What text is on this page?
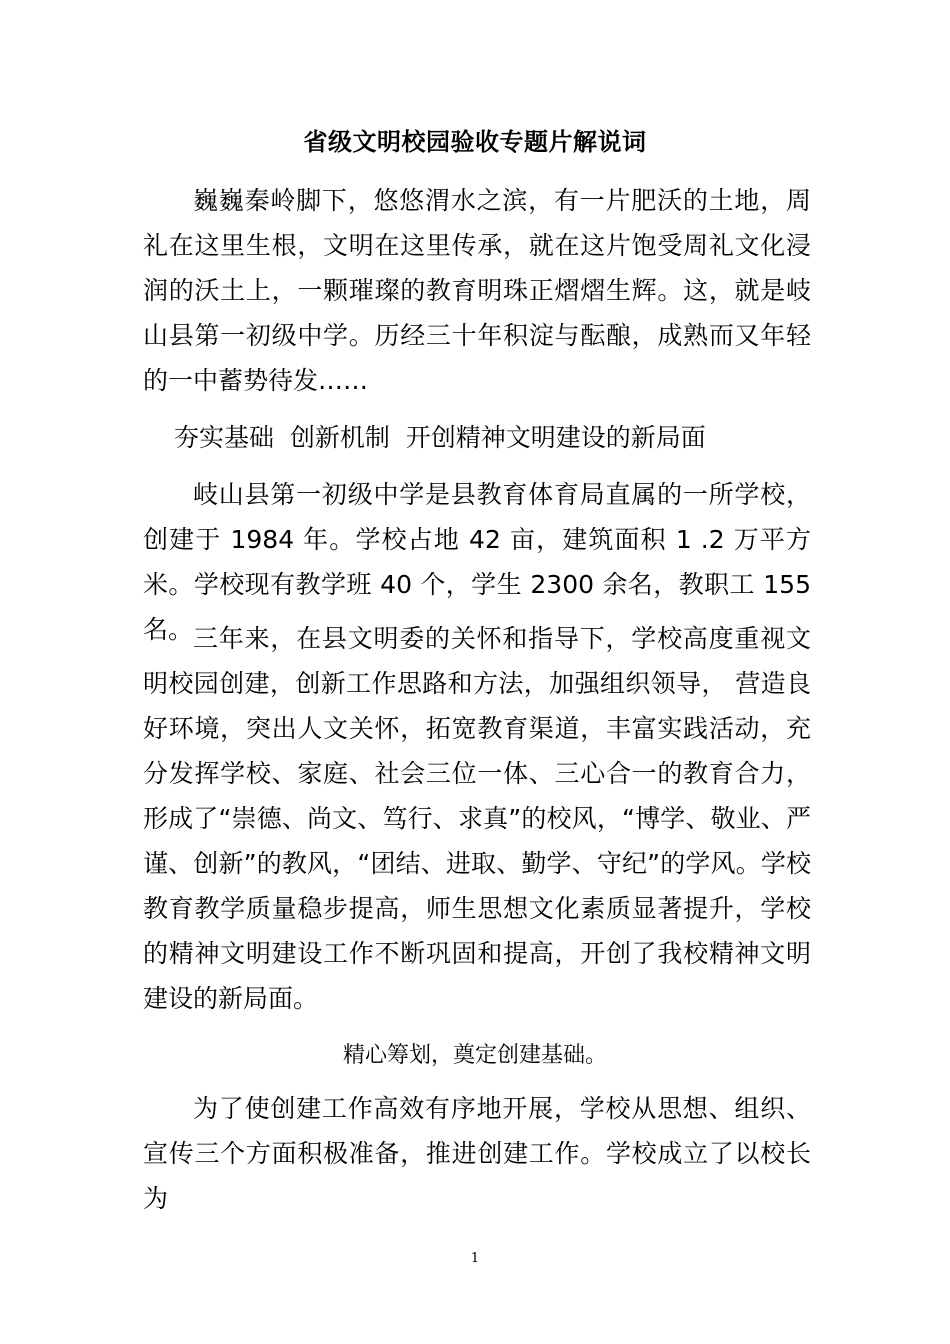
省级文明校园验收专题片解说词

巍巍秦岭脚下，悠悠渭水之滨，有一片肥沃的土地，周礼在这里生根，文明在这里传承，就在这片饱受周礼文化浸润的沃土上，一颗璀璨的教育明珠正熠熠生辉。这，就是岐山县第一初级中学。历经三十年积淀与酝酿，成熟而又年轻的一中蓄势待发……

夯实基础  创新机制  开创精神文明建设的新局面

岐山县第一初级中学是县教育体育局直属的一所学校，创建于 1984 年。学校占地 42 亩，建筑面积 1 .2 万平方米。学校现有教学班 40 个，学生 2300 余名，教职工 155 名。 三年来，在县文明委的关怀和指导下，学校高度重视文明校园创建，创新工作思路和方法，加强组织领导， 营造良好环境，突出人文关怀，拓宽教育渠道，丰富实践活动，充分发挥学校、家庭、社会三位一体、三心合一的教育合力，形成了“崇德、尚文、笃行、求真”的校风，“博学、敬业、严谨、创新”的教风，“团结、进取、勤学、守纪”的学风。学校教育教学质量稳步提高，师生思想文化素质显著提升，学校的精神文明建设工作不断巩固和提高，开创了我校精神文明建设的新局面。

精心筹划，奠定创建基础。

为了使创建工作高效有序地开展，学校从思想、组织、宣传三个方面积极准备，推进创建工作。学校成立了以校长为

1
